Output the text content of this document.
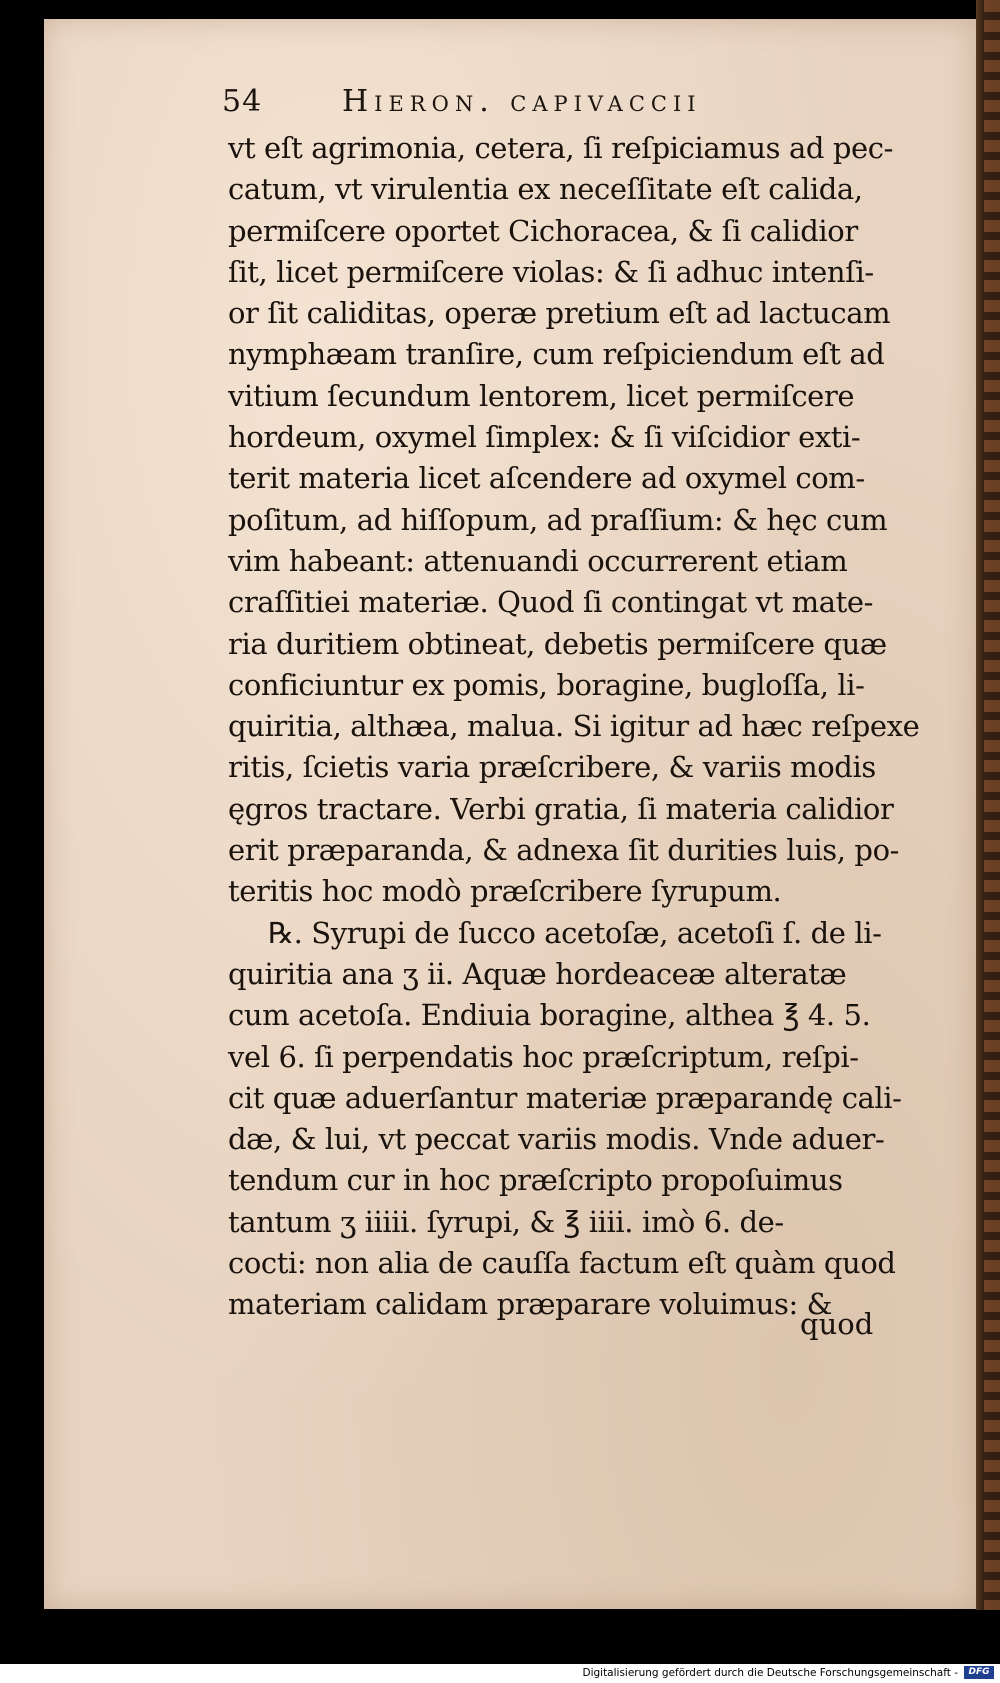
54	Hieron. capivaccii
vt eſt agrimonia, cetera, ſi reſpiciamus ad pec-
catum, vt virulentia ex neceſſitate eſt calida,
permiſcere oportet Cichoracea, & ſi calidior
ſit, licet permiſcere violas: & ſi adhuc intenſi-
or ſit caliditas, operæ pretium eſt ad lactucam
nymphæam tranſire, cum reſpiciendum eſt ad
vitium ſecundum lentorem, licet permiſcere
hordeum, oxymel ſimplex: & ſi viſcidior exti-
terit materia licet aſcendere ad oxymel com-
poſitum, ad hiſſopum, ad praſſium: & hęc cum
vim habeant: attenuandi occurrerent etiam
craſſitiei materiæ. Quod ſi contingat vt mate-
ria duritiem obtineat, debetis permiſcere quæ
conficiuntur ex pomis, boragine, bugloſſa, li-
quiritia, althæa, malua. Si igitur ad hæc reſpexe
ritis, ſcietis varia præſcribere, & variis modis
ęgros tractare. Verbi gratia, ſi materia calidior
erit præparanda, & adnexa ſit durities luis, po-
teritis hoc modò præſcribere ſyrupum.
℞. Syrupi de ſucco acetoſæ, acetoſi ſ. de li-
quiritia ana ʒ ii. Aquæ hordeaceæ alteratæ
cum acetoſa. Endiuia boragine, althea ℥ 4. 5.
vel 6. ſi perpendatis hoc præſcriptum, reſpi-
cit quæ aduerſantur materiæ præparandę cali-
dæ, & lui, vt peccat variis modis. Vnde aduer-
tendum cur in hoc præſcripto propoſuimus
tantum ʒ iiiii. ſyrupi, & ℥ iiii. imò 6. de-
cocti: non alia de cauſſa factum eſt quàm quod
materiam calidam præparare voluimus: &
quod
Digitalisierung gefördert durch die Deutsche Forschungsgemeinschaft -	DFG
